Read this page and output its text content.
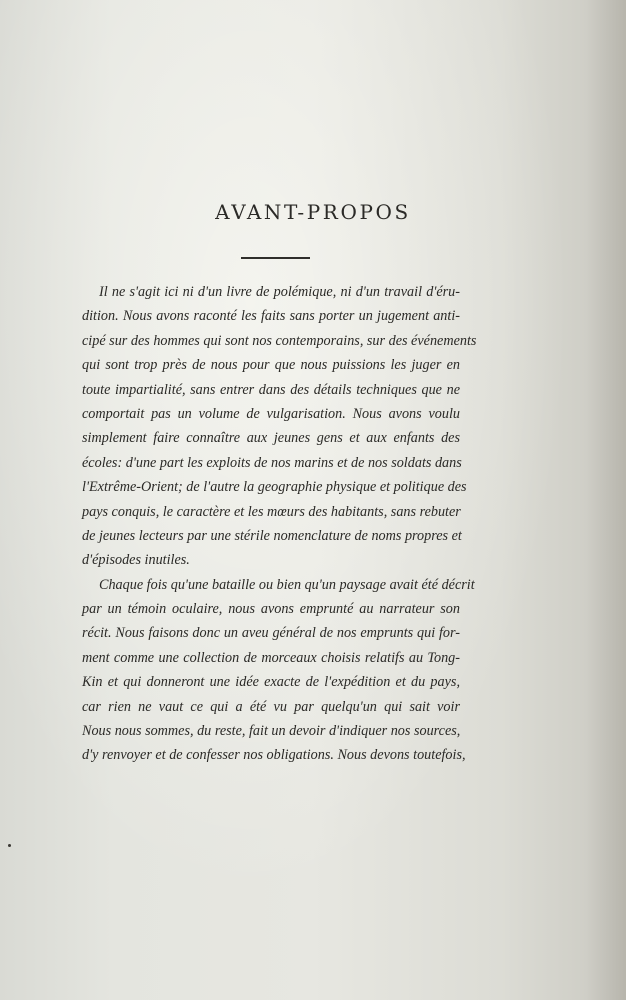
AVANT-PROPOS
Il ne s'agit ici ni d'un livre de polémique, ni d'un travail d'éru-
dition. Nous avons raconté les faits sans porter un jugement anti-
cipé sur des hommes qui sont nos contemporains, sur des événements
qui sont trop près de nous pour que nous puissions les juger en
toute impartialité, sans entrer dans des détails techniques que ne
comportait pas un volume de vulgarisation. Nous avons voulu
simplement faire connaître aux jeunes gens et aux enfants des
écoles: d'une part les exploits de nos marins et de nos soldats dans
l'Extrême-Orient; de l'autre la geographie physique et politique des
pays conquis, le caractère et les mœurs des habitants, sans rebuter
de jeunes lecteurs par une stérile nomenclature de noms propres et
d'épisodes inutiles.
Chaque fois qu'une bataille ou bien qu'un paysage avait été décrit
par un témoin oculaire, nous avons emprunté au narrateur son
récit. Nous faisons donc un aveu général de nos emprunts qui for-
ment comme une collection de morceaux choisis relatifs au Tong-
Kin et qui donneront une idée exacte de l'expédition et du pays,
car rien ne vaut ce qui a été vu par quelqu'un qui sait voir
Nous nous sommes, du reste, fait un devoir d'indiquer nos sources,
d'y renvoyer et de confesser nos obligations. Nous devons toutefois,
